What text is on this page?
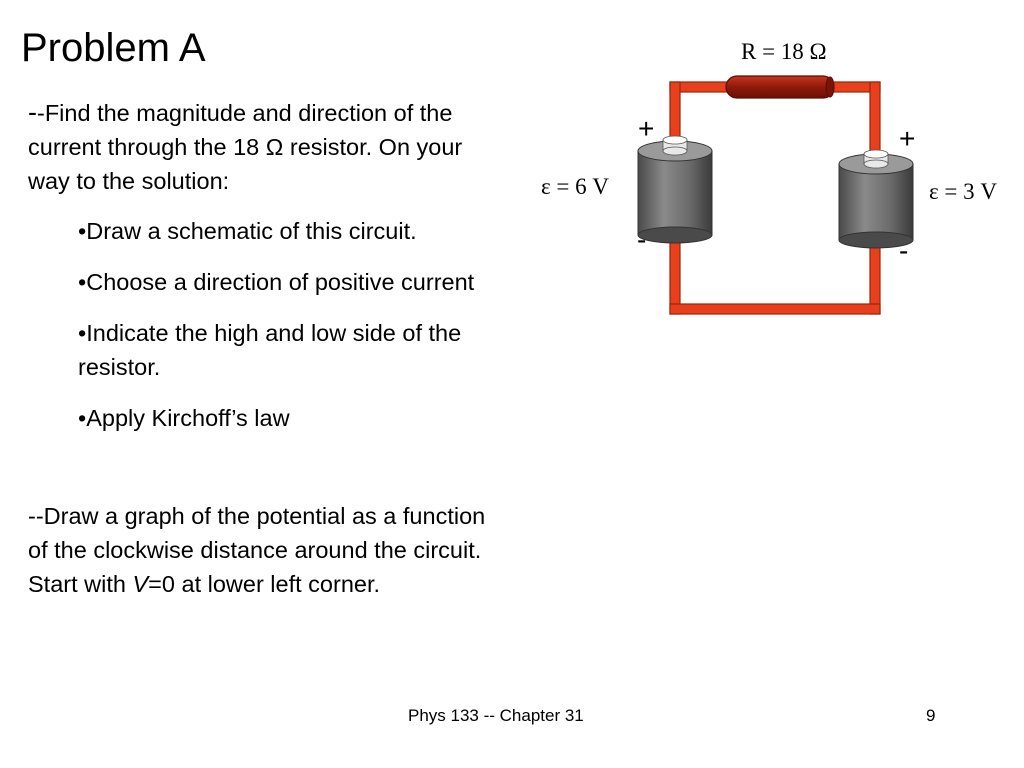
Problem A

--Find the magnitude and direction of the current through the 18 Ω resistor. On your way to the solution:

•Draw a schematic of this circuit.
•Choose a direction of positive current
•Indicate the high and low side of the resistor.
•Apply Kirchoff’s law

--Draw a graph of the potential as a function of the clockwise distance around the circuit. Start with V=0 at lower left corner.

R = 18 Ω
ε = 6 V	ε = 3 V
+
-
+
-
Phys 133 -- Chapter 31	9
